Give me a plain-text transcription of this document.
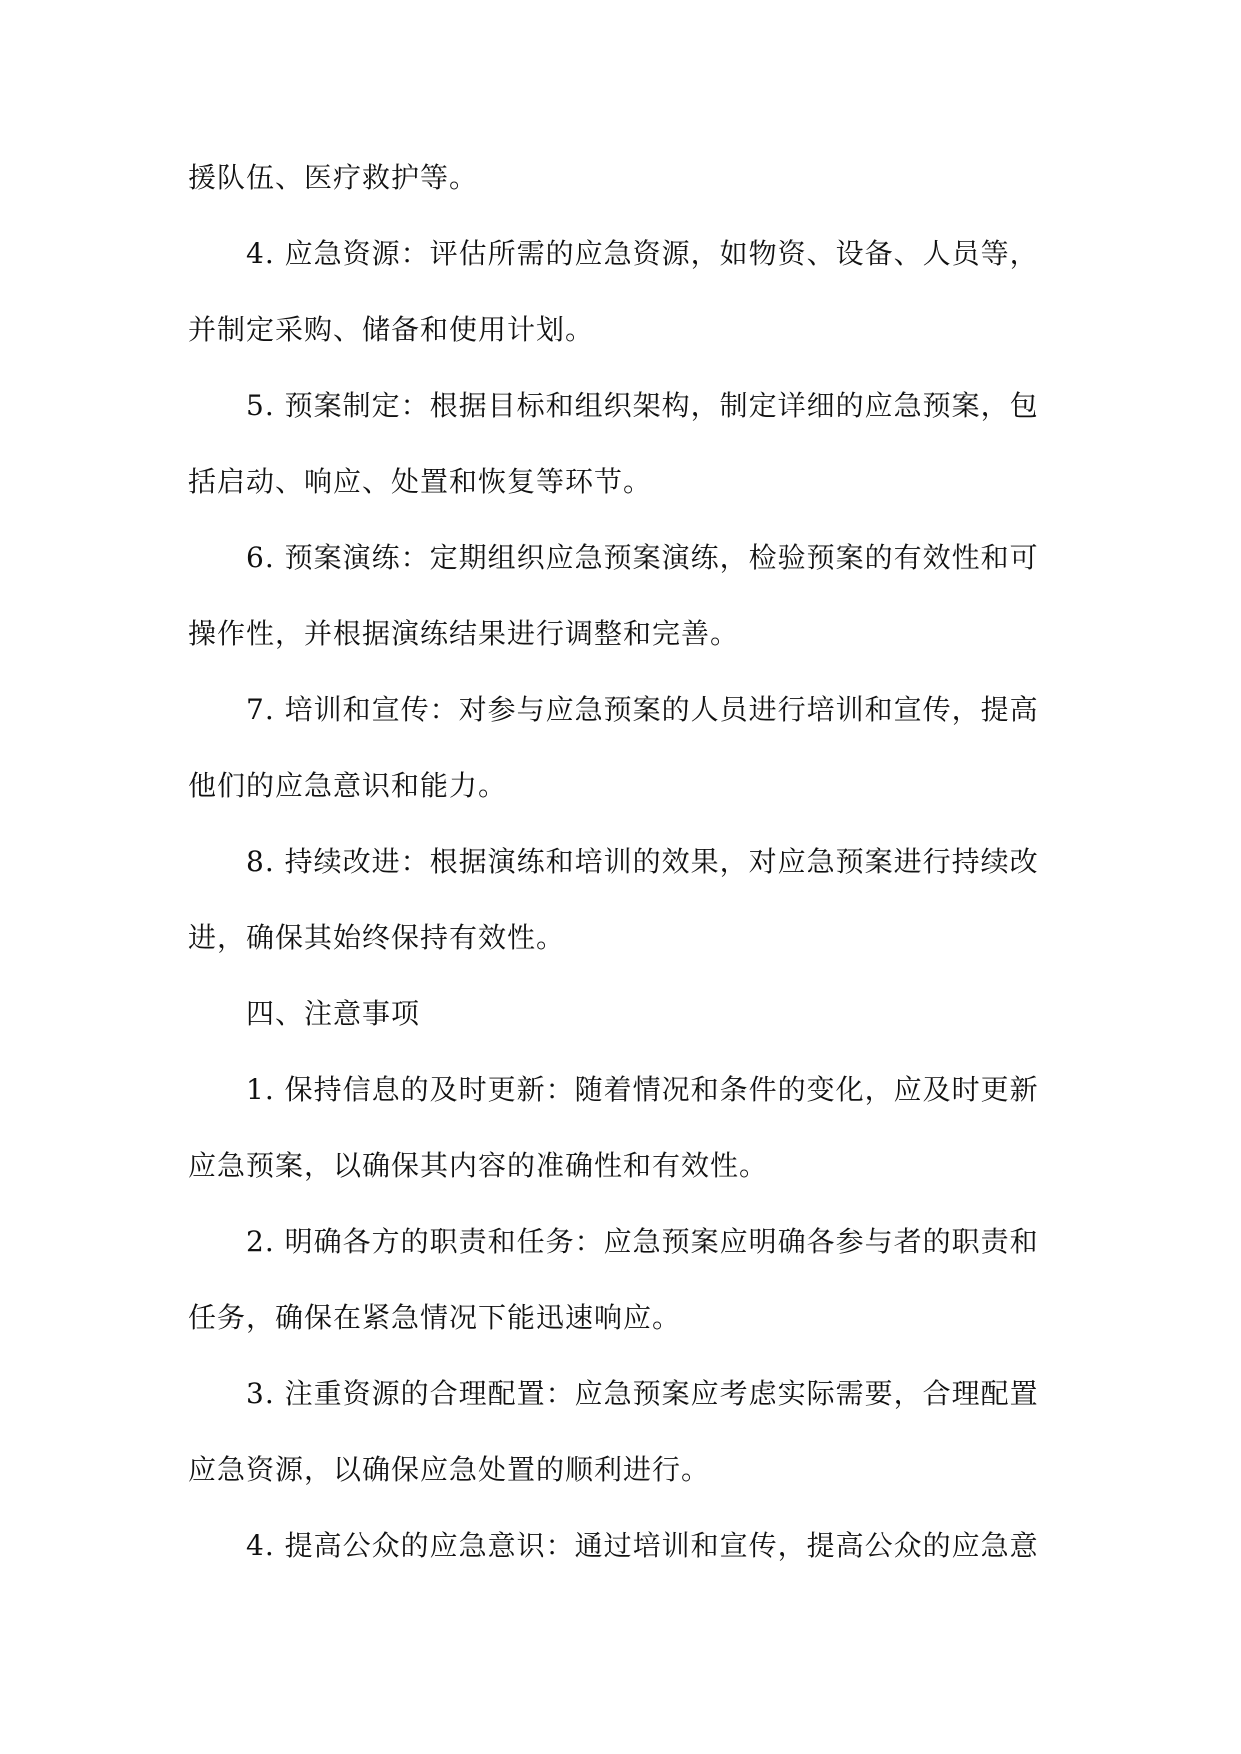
援队伍、医疗救护等。
4. 应急资源：评估所需的应急资源，如物资、设备、人员等，
并制定采购、储备和使用计划。
5. 预案制定：根据目标和组织架构，制定详细的应急预案，包
括启动、响应、处置和恢复等环节。
6. 预案演练：定期组织应急预案演练，检验预案的有效性和可
操作性，并根据演练结果进行调整和完善。
7. 培训和宣传：对参与应急预案的人员进行培训和宣传，提高
他们的应急意识和能力。
8. 持续改进：根据演练和培训的效果，对应急预案进行持续改
进，确保其始终保持有效性。
四、注意事项
1. 保持信息的及时更新：随着情况和条件的变化，应及时更新
应急预案，以确保其内容的准确性和有效性。
2. 明确各方的职责和任务：应急预案应明确各参与者的职责和
任务，确保在紧急情况下能迅速响应。
3. 注重资源的合理配置：应急预案应考虑实际需要，合理配置
应急资源，以确保应急处置的顺利进行。
4. 提高公众的应急意识：通过培训和宣传，提高公众的应急意
